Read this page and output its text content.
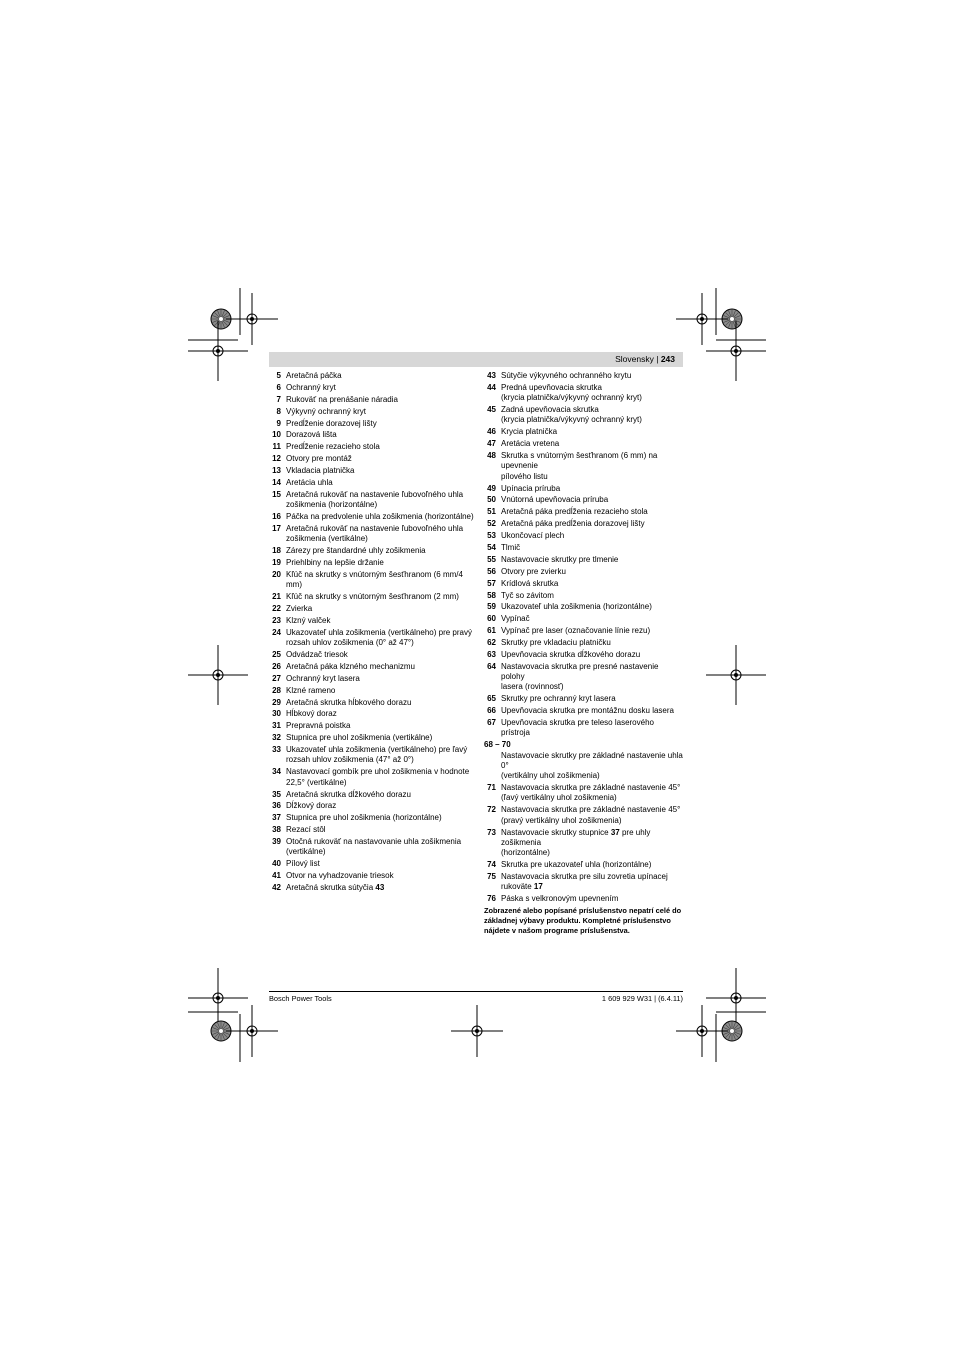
Slovensky | 243
5 Aretačná páčka
6 Ochranný kryt
7 Rukoväť na prenášanie náradia
8 Výkyvný ochranný kryt
9 Predĺženie dorazovej lišty
10 Dorazová lišta
11 Predĺženie rezacieho stola
12 Otvory pre montáž
13 Vkladacia platnička
14 Aretácia uhla
15 Aretačná rukoväť na nastavenie ľubovoľného uhla
zošikmenia (horizontálne)
16 Páčka na predvolenie uhla zošikmenia (horizontálne)
17 Aretačná rukoväť na nastavenie ľubovoľného uhla
zošikmenia (vertikálne)
18 Zárezy pre štandardné uhly zošikmenia
19 Priehlbiny na lepšie držanie
20 Kľúč na skrutky s vnútorným šesťhranom (6 mm/4 mm)
21 Kľúč na skrutky s vnútorným šesťhranom (2 mm)
22 Zvierka
23 Klzný valček
24 Ukazovateľ uhla zošikmenia (vertikálneho) pre pravý
rozsah uhlov zošikmenia (0° až 47°)
25 Odvádzač triesok
26 Aretačná páka klzného mechanizmu
27 Ochranný kryt lasera
28 Klzné rameno
29 Aretačná skrutka hĺbkového dorazu
30 Hĺbkový doraz
31 Prepravná poistka
32 Stupnica pre uhol zošikmenia (vertikálne)
33 Ukazovateľ uhla zošikmenia (vertikálneho) pre ľavý
rozsah uhlov zošikmenia (47° až 0°)
34 Nastavovací gombík pre uhol zošikmenia v hodnote
22,5° (vertikálne)
35 Aretačná skrutka dĺžkového dorazu
36 Dĺžkový doraz
37 Stupnica pre uhol zošikmenia (horizontálne)
38 Rezací stôl
39 Otočná rukoväť na nastavovanie uhla zošikmenia
(vertikálne)
40 Pílový list
41 Otvor na vyhadzovanie triesok
42 Aretačná skrutka sútyčia 43
43 Sútyčie výkyvného ochranného krytu
44 Predná upevňovacia skrutka
(krycia platnička/výkyvný ochranný kryt)
45 Zadná upevňovacia skrutka
(krycia platnička/výkyvný ochranný kryt)
46 Krycia platnička
47 Aretácia vretena
48 Skrutka s vnútorným šesťhranom (6 mm) na upevnenie
pílového listu
49 Upínacia príruba
50 Vnútorná upevňovacia príruba
51 Aretačná páka predĺženia rezacieho stola
52 Aretačná páka predĺženia dorazovej lišty
53 Ukončovací plech
54 Tlmič
55 Nastavovacie skrutky pre tlmenie
56 Otvory pre zvierku
57 Krídlová skrutka
58 Tyč so závitom
59 Ukazovateľ uhla zošikmenia (horizontálne)
60 Vypínač
61 Vypínač pre laser (označovanie línie rezu)
62 Skrutky pre vkladaciu platničku
63 Upevňovacia skrutka dĺžkového dorazu
64 Nastavovacia skrutka pre presné nastavenie polohy
lasera (rovinnosť)
65 Skrutky pre ochranný kryt lasera
66 Upevňovacia skrutka pre montážnu dosku lasera
67 Upevňovacia skrutka pre teleso laserového prístroja
68 – 70
Nastavovacie skrutky pre základné nastavenie uhla 0°
(vertikálny uhol zošikmenia)
71 Nastavovacia skrutka pre základné nastavenie 45°
(ľavý vertikálny uhol zošikmenia)
72 Nastavovacia skrutka pre základné nastavenie 45°
(pravý vertikálny uhol zošikmenia)
73 Nastavovacie skrutky stupnice 37 pre uhly zošikmenia
(horizontálne)
74 Skrutka pre ukazovateľ uhla (horizontálne)
75 Nastavovacia skrutka pre silu zovretia upínacej
rukoväte 17
76 Páska s velkronovým upevnením
Zobrazené alebo popísané príslušenstvo nepatrí celé do základnej výbavy produktu. Kompletné príslušenstvo nájdete v našom programe príslušenstva.
Bosch Power Tools	1 609 929 W31 | (6.4.11)
